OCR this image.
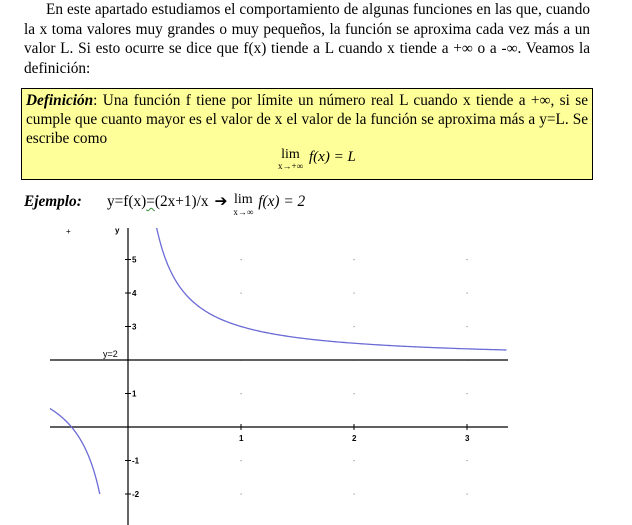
En este apartado estudiamos el comportamiento de algunas funciones en las que, cuando la x toma valores muy grandes o muy pequeños, la función se aproxima cada vez más a un valor L. Si esto ocurre se dice que f(x) tiende a L cuando x tiende a +∞ o a -∞. Veamos la definición:

Definición: Una función f tiene por límite un número real L cuando x tiende a +∞, si se cumple que cuanto mayor es el valor de x el valor de la función se aproxima más a y=L. Se escribe como
lim
x→+∞
f(x) = L
Ejemplo:	y=f(x)=(2x+1)/x ➔ lim
x→∞
f(x) = 2
y=2
1	2	3
5
4
3
1
-1
-2
y
+
